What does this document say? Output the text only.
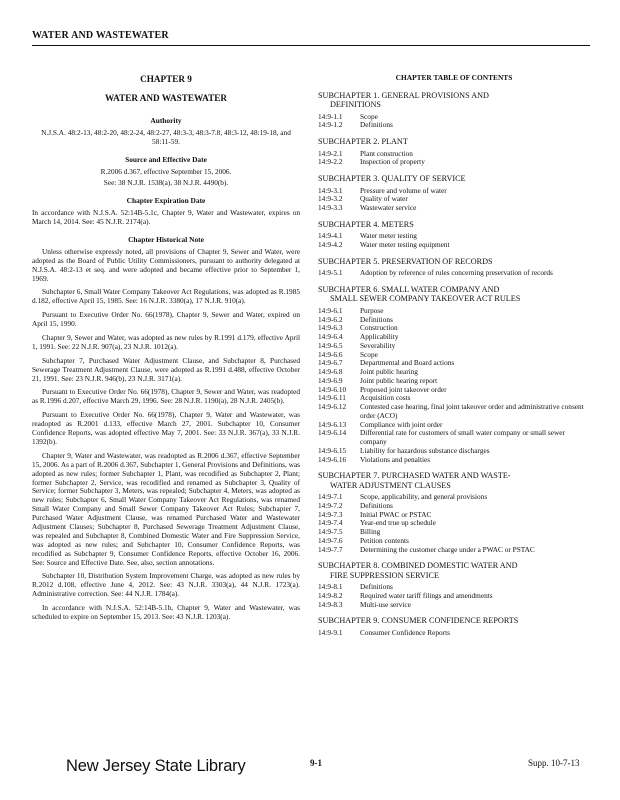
WATER AND WASTEWATER

CHAPTER 9

WATER AND WASTEWATER

Authority

N.J.S.A. 48:2-13, 48:2-20, 48:2-24, 48:2-27, 48:3-3, 48:3-7.8, 48:3-12, 48:19-18, and 58:11-59.

Source and Effective Date

R.2006 d.367, effective September 15, 2006.

See: 38 N.J.R. 1538(a), 38 N.J.R. 4490(b).

Chapter Expiration Date

In accordance with N.J.S.A. 52:14B-5.1c, Chapter 9, Water and Wastewater, expires on March 14, 2014. See: 45 N.J.R. 2174(a).

Chapter Historical Note

Unless otherwise expressly noted, all provisions of Chapter 9, Sewer and Water, were adopted as the Board of Public Utility Commissioners, pursuant to authority delegated at N.J.S.A. 48:2-13 et seq. and were adopted and became effective prior to September 1, 1969.

Subchapter 6, Small Water Company Takeover Act Regulations, was adopted as R.1985 d.182, effective April 15, 1985. See: 16 N.J.R. 3380(a), 17 N.J.R. 910(a).

Pursuant to Executive Order No. 66(1978), Chapter 9, Sewer and Water, expired on April 15, 1990.

Chapter 9, Sewer and Water, was adopted as new rules by R.1991 d.179, effective April 1, 1991. See: 22 N.J.R. 907(a), 23 N.J.R. 1012(a).

Subchapter 7, Purchased Water Adjustment Clause, and Subchapter 8, Purchased Sewerage Treatment Adjustment Clause, were adopted as R.1991 d.488, effective October 21, 1991. See: 23 N.J.R. 946(b), 23 N.J.R. 3171(a).

Pursuant to Executive Order No. 66(1978), Chapter 9, Sewer and Water, was readopted as R.1996 d.207, effective March 29, 1996. See: 28 N.J.R. 1190(a), 28 N.J.R. 2405(b).

Pursuant to Executive Order No. 66(1978), Chapter 9, Water and Wastewater, was readopted as R.2001 d.133, effective March 27, 2001. Subchapter 10, Consumer Confidence Reports, was adopted effective May 7, 2001. See: 33 N.J.R. 367(a), 33 N.J.R. 1392(b).

Chapter 9, Water and Wastewater, was readopted as R.2006 d.367, effective September 15, 2006. As a part of R.2006 d.367, Subchapter 1, General Provisions and Definitions, was adopted as new rules; former Subchapter 1, Plant, was recodified as Subchapter 2, Plant; former Subchapter 2, Service, was recodified and renamed as Subchapter 3, Quality of Service; former Subchapter 3, Meters, was repealed; Subchapter 4, Meters, was adopted as new rules; Subchapter 6, Small Water Company Takeover Act Regulations, was renamed Small Water Company and Small Sewer Company Takeover Act Rules; Subchapter 7, Purchased Water Adjustment Clause, was renamed Purchased Water and Wastewater Adjustment Clauses; Subchapter 8, Purchased Sewerage Treatment Adjustment Clause, was repealed and Subchapter 8, Combined Domestic Water and Fire Suppression Service, was adopted as new rules; and Subchapter 10, Consumer Confidence Reports, was recodified as Subchapter 9, Consumer Confidence Reports, effective October 16, 2006. See: Source and Effective Date. See, also, section annotations.

Subchapter 10, Distribution System Improvement Charge, was adopted as new rules by R.2012 d.108, effective June 4, 2012. See: 43 N.J.R. 3303(a), 44 N.J.R. 1723(a). Administrative correction. See: 44 N.J.R. 1784(a).

In accordance with N.J.S.A. 52:14B-5.1b, Chapter 9, Water and Wastewater, was scheduled to expire on September 15, 2013. See: 43 N.J.R. 1203(a).

CHAPTER TABLE OF CONTENTS

SUBCHAPTER 1. GENERAL PROVISIONS AND
DEFINITIONS
14:9-1.1	Scope
14:9-1.2	Definitions
SUBCHAPTER 2. PLANT
14:9-2.1	Plant construction
14:9-2.2	Inspection of property
SUBCHAPTER 3. QUALITY OF SERVICE
14:9-3.1	Pressure and volume of water
14:9-3.2	Quality of water
14:9-3.3	Wastewater service
SUBCHAPTER 4. METERS
14:9-4.1	Water meter testing
14:9-4.2	Water meter testing equipment
SUBCHAPTER 5. PRESERVATION OF RECORDS
14:9-5.1	Adoption by reference of rules concerning preservation of records
SUBCHAPTER 6. SMALL WATER COMPANY AND
SMALL SEWER COMPANY TAKEOVER ACT RULES
14:9-6.1	Purpose
14:9-6.2	Definitions
14:9-6.3	Construction
14:9-6.4	Applicability
14:9-6.5	Severability
14:9-6.6	Scope
14:9-6.7	Departmental and Board actions
14:9-6.8	Joint public hearing
14:9-6.9	Joint public hearing report
14:9-6.10	Proposed joint takeover order
14:9-6.11	Acquisition costs
14:9-6.12	Contested case hearing, final joint takeover order and administrative consent order (ACO)
14:9-6.13	Compliance with joint order
14:9-6.14	Differential rate for customers of small water company or small sewer company
14:9-6.15	Liability for hazardous substance discharges
14:9-6.16	Violations and penalties
SUBCHAPTER 7. PURCHASED WATER AND WASTE-
WATER ADJUSTMENT CLAUSES
14:9-7.1	Scope, applicability, and general provisions
14:9-7.2	Definitions
14:9-7.3	Initial PWAC or PSTAC
14:9-7.4	Year-end true up schedule
14:9-7.5	Billing
14:9-7.6	Petition contents
14:9-7.7	Determining the customer charge under a PWAC or PSTAC
SUBCHAPTER 8. COMBINED DOMESTIC WATER AND
FIRE SUPPRESSION SERVICE
14:9-8.1	Definitions
14:9-8.2	Required water tariff filings and amendments
14:9-8.3	Multi-use service
SUBCHAPTER 9. CONSUMER CONFIDENCE REPORTS
14:9-9.1	Consumer Confidence Reports
New Jersey State Library	9-1	Supp. 10-7-13
